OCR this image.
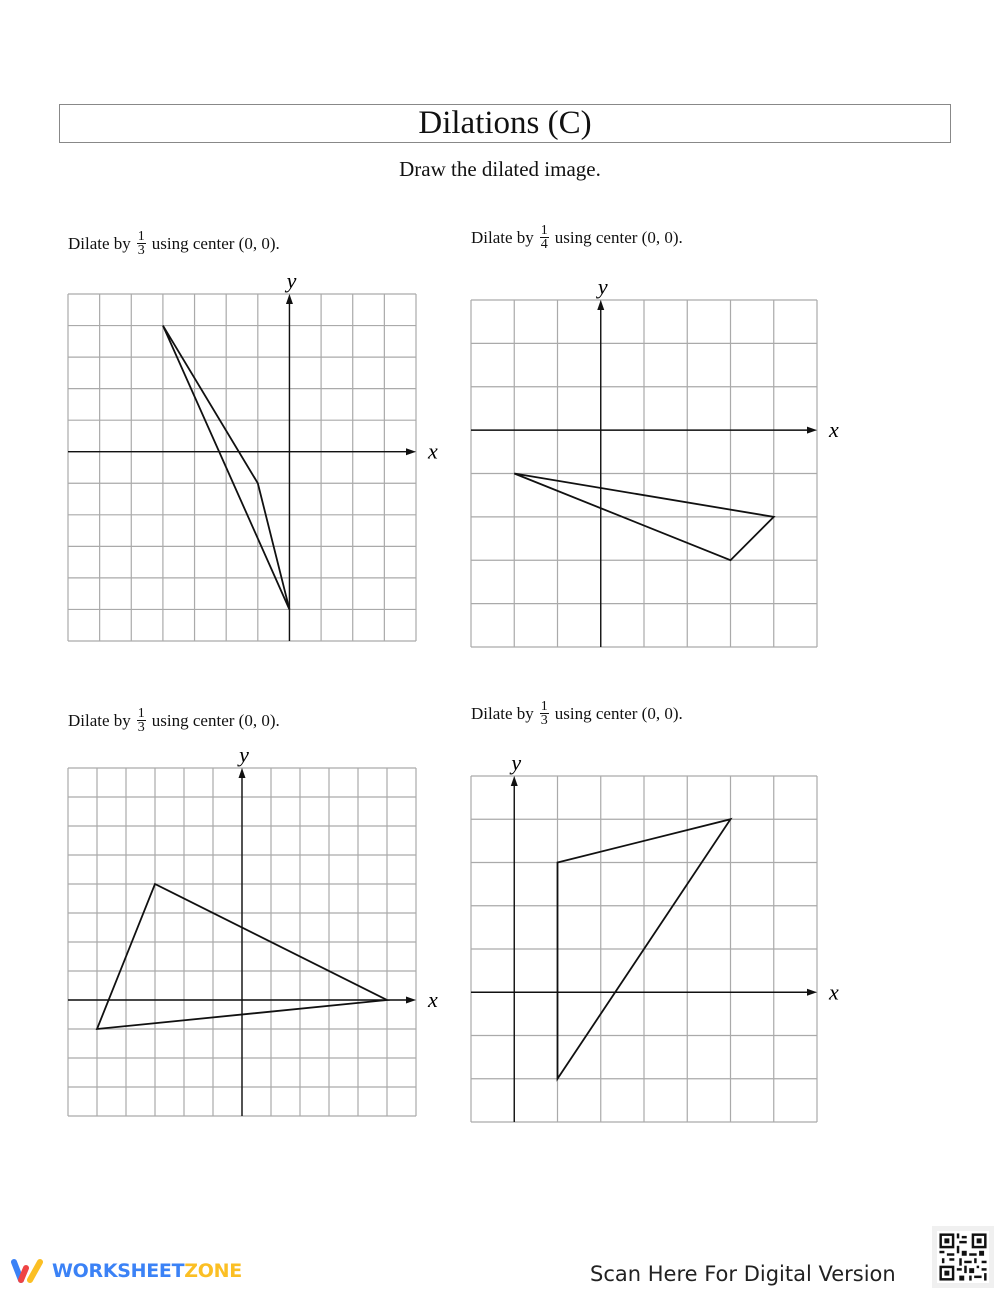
Dilations (C)
Draw the dilated image.
Dilate by $\frac{1}{3}$ using center (0, 0).	Dilate by $\frac{1}{4}$ using center (0, 0).
Dilate by $\frac{1}{3}$ using center (0, 0).	Dilate by $\frac{1}{3}$ using center (0, 0).
x
y
x
y
x
y
x
y
WORKSHEETZONE	Scan Here For Digital Version
